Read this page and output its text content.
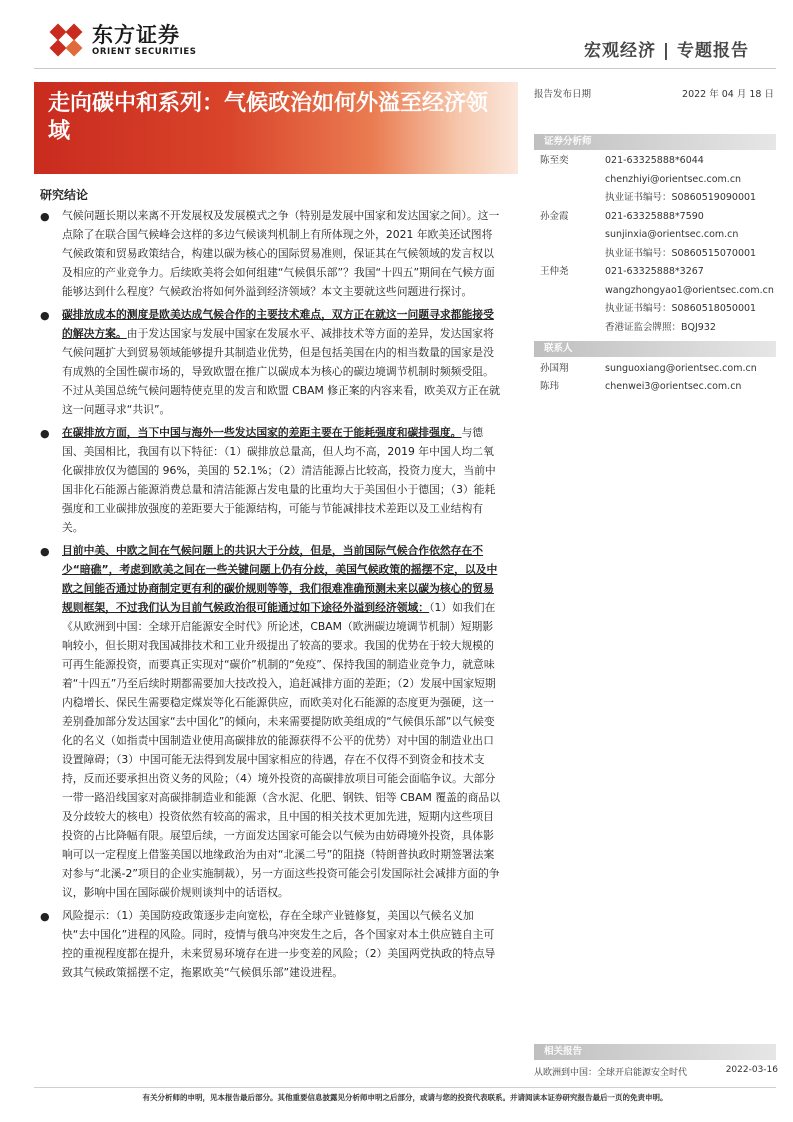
东方证券
ORIENT SECURITIES	宏观经济 | 专题报告
走向碳中和系列：气候政治如何外溢至经济领域
报告发布日期	2022 年 04 月 18 日
证券分析师
陈至奕	021-63325888*6044
chenzhiyi@orientsec.com.cn
执业证书编号：S0860519090001
孙金霞	021-63325888*7590
sunjinxia@orientsec.com.cn
执业证书编号：S0860515070001
王仲尧	021-63325888*3267
wangzhongyao1@orientsec.com.cn
执业证书编号：S0860518050001
香港证监会牌照：BQJ932
联系人
孙国翔	sunguoxiang@orientsec.com.cn
陈玮	chenwei3@orientsec.com.cn
相关报告
从欧洲到中国：全球开启能源安全时代	2022-03-16
研究结论
● 气候问题长期以来离不开发展权及发展模式之争（特别是发展中国家和发达国家之间）。这一点除了在联合国气候峰会这样的多边气候谈判机制上有所体现之外，2021 年欧美还试图将气候政策和贸易政策结合，构建以碳为核心的国际贸易准则，保证其在气候领域的发言权以及相应的产业竞争力。后续欧美将会如何组建“气候俱乐部”？我国“十四五”期间在气候方面能够达到什么程度？气候政治将如何外溢到经济领域？本文主要就这些问题进行探讨。
● 碳排放成本的测度是欧美达成气候合作的主要技术难点，双方正在就这一问题寻求都能接受的解决方案。由于发达国家与发展中国家在发展水平、减排技术等方面的差异，发达国家将气候问题扩大到贸易领域能够提升其制造业优势，但是包括美国在内的相当数量的国家是没有成熟的全国性碳市场的，导致欧盟在推广以碳成本为核心的碳边境调节机制时频频受阻。不过从美国总统气候问题特使克里的发言和欧盟 CBAM 修正案的内容来看，欧美双方正在就这一问题寻求“共识”。
● 在碳排放方面，当下中国与海外一些发达国家的差距主要在于能耗强度和碳排强度。与德国、美国相比，我国有以下特征：（1）碳排放总量高，但人均不高，2019 年中国人均二氧化碳排放仅为德国的 96%，美国的 52.1%；（2）清洁能源占比较高，投资力度大，当前中国非化石能源占能源消费总量和清洁能源占发电量的比重均大于美国但小于德国；（3）能耗强度和工业碳排放强度的差距要大于能源结构，可能与节能减排技术差距以及工业结构有关。
● 目前中美、中欧之间在气候问题上的共识大于分歧，但是，当前国际气候合作依然存在不少“暗礁”，考虑到欧美之间在一些关键问题上仍有分歧，美国气候政策的摇摆不定，以及中欧之间能否通过协商制定更有利的碳价规则等等，我们很难准确预测未来以碳为核心的贸易规则框架，不过我们认为目前气候政治很可能通过如下途径外溢到经济领域：（1）如我们在《从欧洲到中国：全球开启能源安全时代》所论述，CBAM（欧洲碳边境调节机制）短期影响较小，但长期对我国减排技术和工业升级提出了较高的要求。我国的优势在于较大规模的可再生能源投资，而要真正实现对“碳价”机制的“免疫”、保持我国的制造业竞争力，就意味着“十四五”乃至后续时期都需要加大技改投入，追赶减排方面的差距；（2）发展中国家短期内稳增长、保民生需要稳定煤炭等化石能源供应，而欧美对化石能源的态度更为强硬，这一差别叠加部分发达国家“去中国化”的倾向，未来需要提防欧美组成的“气候俱乐部”以气候变化的名义（如指责中国制造业使用高碳排放的能源获得不公平的优势）对中国的制造业出口设置障碍；（3）中国可能无法得到发展中国家相应的待遇，存在不仅得不到资金和技术支持，反而还要承担出资义务的风险；（4）境外投资的高碳排放项目可能会面临争议。大部分一带一路沿线国家对高碳排制造业和能源（含水泥、化肥、钢铁、铝等 CBAM 覆盖的商品以及分歧较大的核电）投资依然有较高的需求，且中国的相关技术更加先进，短期内这些项目投资的占比降幅有限。展望后续，一方面发达国家可能会以气候为由妨碍境外投资，具体影响可以一定程度上借鉴美国以地缘政治为由对“北溪二号”的阻挠（特朗普执政时期签署法案对参与“北溪-2”项目的企业实施制裁），另一方面这些投资可能会引发国际社会减排方面的争议，影响中国在国际碳价规则谈判中的话语权。
● 风险提示：（1）美国防疫政策逐步走向宽松，存在全球产业链修复，美国以气候名义加快“去中国化”进程的风险。同时，疫情与俄乌冲突发生之后，各个国家对本土供应链自主可控的重视程度都在提升，未来贸易环境存在进一步变差的风险；（2）美国两党执政的特点导致其气候政策摇摆不定，拖累欧美“气候俱乐部”建设进程。
有关分析师的申明，见本报告最后部分。其他重要信息披露见分析师申明之后部分，或请与您的投资代表联系。并请阅读本证券研究报告最后一页的免责申明。
